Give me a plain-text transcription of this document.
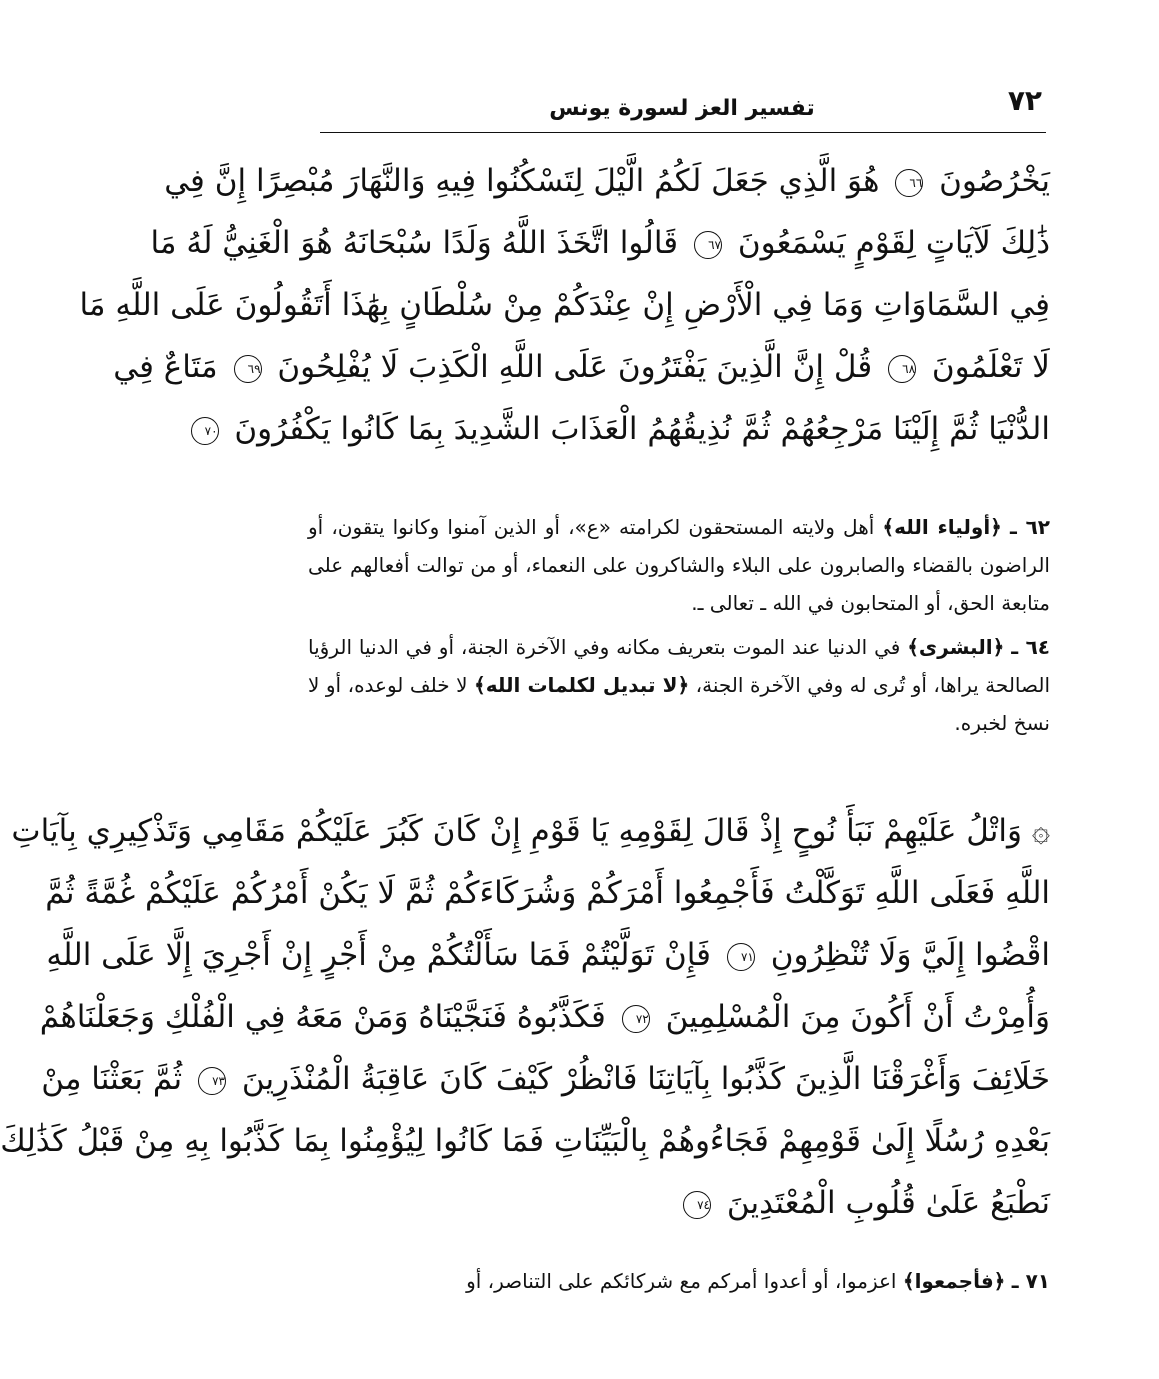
٧٢
تفسير العز لسورة يونس
يَخْرُصُونَ ٦٦ هُوَ الَّذِي جَعَلَ لَكُمُ الَّيْلَ لِتَسْكُنُوا فِيهِ وَالنَّهَارَ مُبْصِرًا إِنَّ فِي
ذَٰلِكَ لَآيَاتٍ لِقَوْمٍ يَسْمَعُونَ ٦٧ قَالُوا اتَّخَذَ اللَّهُ وَلَدًا سُبْحَانَهُ هُوَ الْغَنِيُّ لَهُ مَا
فِي السَّمَاوَاتِ وَمَا فِي الْأَرْضِ إِنْ عِنْدَكُمْ مِنْ سُلْطَانٍ بِهَٰذَا أَتَقُولُونَ عَلَى اللَّهِ مَا
لَا تَعْلَمُونَ ٦٨ قُلْ إِنَّ الَّذِينَ يَفْتَرُونَ عَلَى اللَّهِ الْكَذِبَ لَا يُفْلِحُونَ ٦٩ مَتَاعٌ فِي
الدُّنْيَا ثُمَّ إِلَيْنَا مَرْجِعُهُمْ ثُمَّ نُذِيقُهُمُ الْعَذَابَ الشَّدِيدَ بِمَا كَانُوا يَكْفُرُونَ ٧٠

٦٢ ـ ﴿أولياء الله﴾ أهل ولايته المستحقون لكرامته «ع»، أو الذين آمنوا وكانوا يتقون، أو الراضون بالقضاء والصابرون على البلاء والشاكرون على النعماء، أو من توالت أفعالهم على متابعة الحق، أو المتحابون في الله ـ تعالى ـ.

٦٤ ـ ﴿البشرى﴾ في الدنيا عند الموت بتعريف مكانه وفي الآخرة الجنة، أو في الدنيا الرؤيا الصالحة يراها، أو تُرى له وفي الآخرة الجنة، ﴿لا تبديل لكلمات الله﴾ لا خلف لوعده، أو لا نسخ لخبره.

۞ وَاتْلُ عَلَيْهِمْ نَبَأَ نُوحٍ إِذْ قَالَ لِقَوْمِهِ يَا قَوْمِ إِنْ كَانَ كَبُرَ عَلَيْكُمْ مَقَامِي وَتَذْكِيرِي بِآيَاتِ
اللَّهِ فَعَلَى اللَّهِ تَوَكَّلْتُ فَأَجْمِعُوا أَمْرَكُمْ وَشُرَكَاءَكُمْ ثُمَّ لَا يَكُنْ أَمْرُكُمْ عَلَيْكُمْ غُمَّةً ثُمَّ
اقْضُوا إِلَيَّ وَلَا تُنْظِرُونِ ٧١ فَإِنْ تَوَلَّيْتُمْ فَمَا سَأَلْتُكُمْ مِنْ أَجْرٍ إِنْ أَجْرِيَ إِلَّا عَلَى اللَّهِ
وَأُمِرْتُ أَنْ أَكُونَ مِنَ الْمُسْلِمِينَ ٧٢ فَكَذَّبُوهُ فَنَجَّيْنَاهُ وَمَنْ مَعَهُ فِي الْفُلْكِ وَجَعَلْنَاهُمْ
خَلَائِفَ وَأَغْرَقْنَا الَّذِينَ كَذَّبُوا بِآيَاتِنَا فَانْظُرْ كَيْفَ كَانَ عَاقِبَةُ الْمُنْذَرِينَ ٧٣ ثُمَّ بَعَثْنَا مِنْ
بَعْدِهِ رُسُلًا إِلَىٰ قَوْمِهِمْ فَجَاءُوهُمْ بِالْبَيِّنَاتِ فَمَا كَانُوا لِيُؤْمِنُوا بِمَا كَذَّبُوا بِهِ مِنْ قَبْلُ كَذَٰلِكَ
نَطْبَعُ عَلَىٰ قُلُوبِ الْمُعْتَدِينَ ٧٤

٧١ ـ ﴿فأجمعوا﴾ اعزموا، أو أعدوا أمركم مع شركائكم على التناصر، أو
